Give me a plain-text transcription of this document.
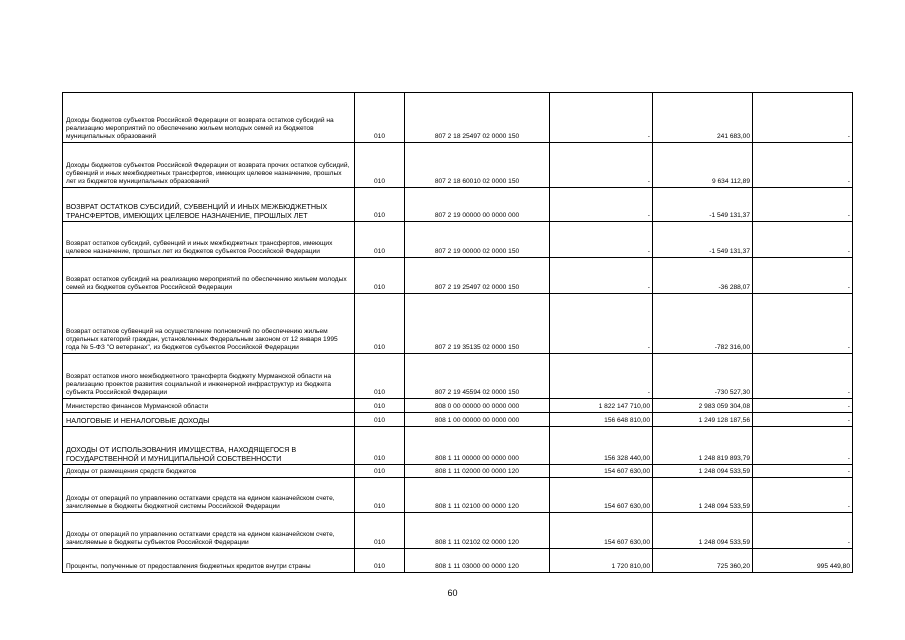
Доходы бюджетов субъектов Российской Федерации от возврата остатков субсидий на реализацию мероприятий по обеспечению жильем молодых семей из бюджетов муниципальных образований	010	807 2 18 25497 02 0000 150	-	241 683,00	-

Доходы бюджетов субъектов Российской Федерации от возврата прочих остатков субсидий, субвенций и иных межбюджетных трансфертов, имеющих целевое назначение, прошлых лет из бюджетов муниципальных образований	010	807 2 18 60010 02 0000 150	-	9 634 112,89	-

ВОЗВРАТ ОСТАТКОВ СУБСИДИЙ, СУБВЕНЦИЙ И ИНЫХ МЕЖБЮДЖЕТНЫХ ТРАНСФЕРТОВ, ИМЕЮЩИХ ЦЕЛЕВОЕ НАЗНАЧЕНИЕ, ПРОШЛЫХ ЛЕТ	010	807 2 19 00000 00 0000 000	-	-1 549 131,37	-

Возврат остатков субсидий, субвенций и иных межбюджетных трансфертов, имеющих целевое назначение, прошлых лет из бюджетов субъектов Российской Федерации	010	807 2 19 00000 02 0000 150	-	-1 549 131,37	-

Возврат остатков субсидий на реализацию мероприятий по обеспечению жильем молодых семей из бюджетов субъектов Российской Федерации	010	807 2 19 25497 02 0000 150	-	-36 288,07	-

Возврат остатков субвенций на осуществление полномочий по обеспечению жильем отдельных категорий граждан, установленных Федеральным законом от 12 января 1995 года № 5-ФЗ "О ветеранах", из бюджетов субъектов Российской Федерации	010	807 2 19 35135 02 0000 150	-	-782 316,00	-

Возврат остатков иного межбюджетного трансферта бюджету Мурманской области на реализацию проектов развития социальной и инженерной инфраструктур из бюджета субъекта Российской Федерации	010	807 2 19 45594 02 0000 150	-	-730 527,30	-

Министерство финансов Мурманской области	010	808 0 00 00000 00 0000 000	1 822 147 710,00	2 983 059 304,08	-

НАЛОГОВЫЕ И НЕНАЛОГОВЫЕ ДОХОДЫ	010	808 1 00 00000 00 0000 000	156 648 810,00	1 249 128 187,56	-

ДОХОДЫ ОТ ИСПОЛЬЗОВАНИЯ ИМУЩЕСТВА, НАХОДЯЩЕГОСЯ В ГОСУДАРСТВЕННОЙ И МУНИЦИПАЛЬНОЙ СОБСТВЕННОСТИ	010	808 1 11 00000 00 0000 000	156 328 440,00	1 248 819 893,79	-

Доходы от размещения средств бюджетов	010	808 1 11 02000 00 0000 120	154 607 630,00	1 248 094 533,59	-

Доходы от операций по управлению остатками средств на едином казначейском счете, зачисляемые в бюджеты бюджетной системы Российской Федерации	010	808 1 11 02100 00 0000 120	154 607 630,00	1 248 094 533,59	-

Доходы от операций по управлению остатками средств на едином казначейском счете, зачисляемые в бюджеты субъектов Российской Федерации	010	808 1 11 02102 02 0000 120	154 607 630,00	1 248 094 533,59	-

Проценты, полученные от предоставления бюджетных кредитов внутри страны	010	808 1 11 03000 00 0000 120	1 720 810,00	725 360,20	995 449,80
60
